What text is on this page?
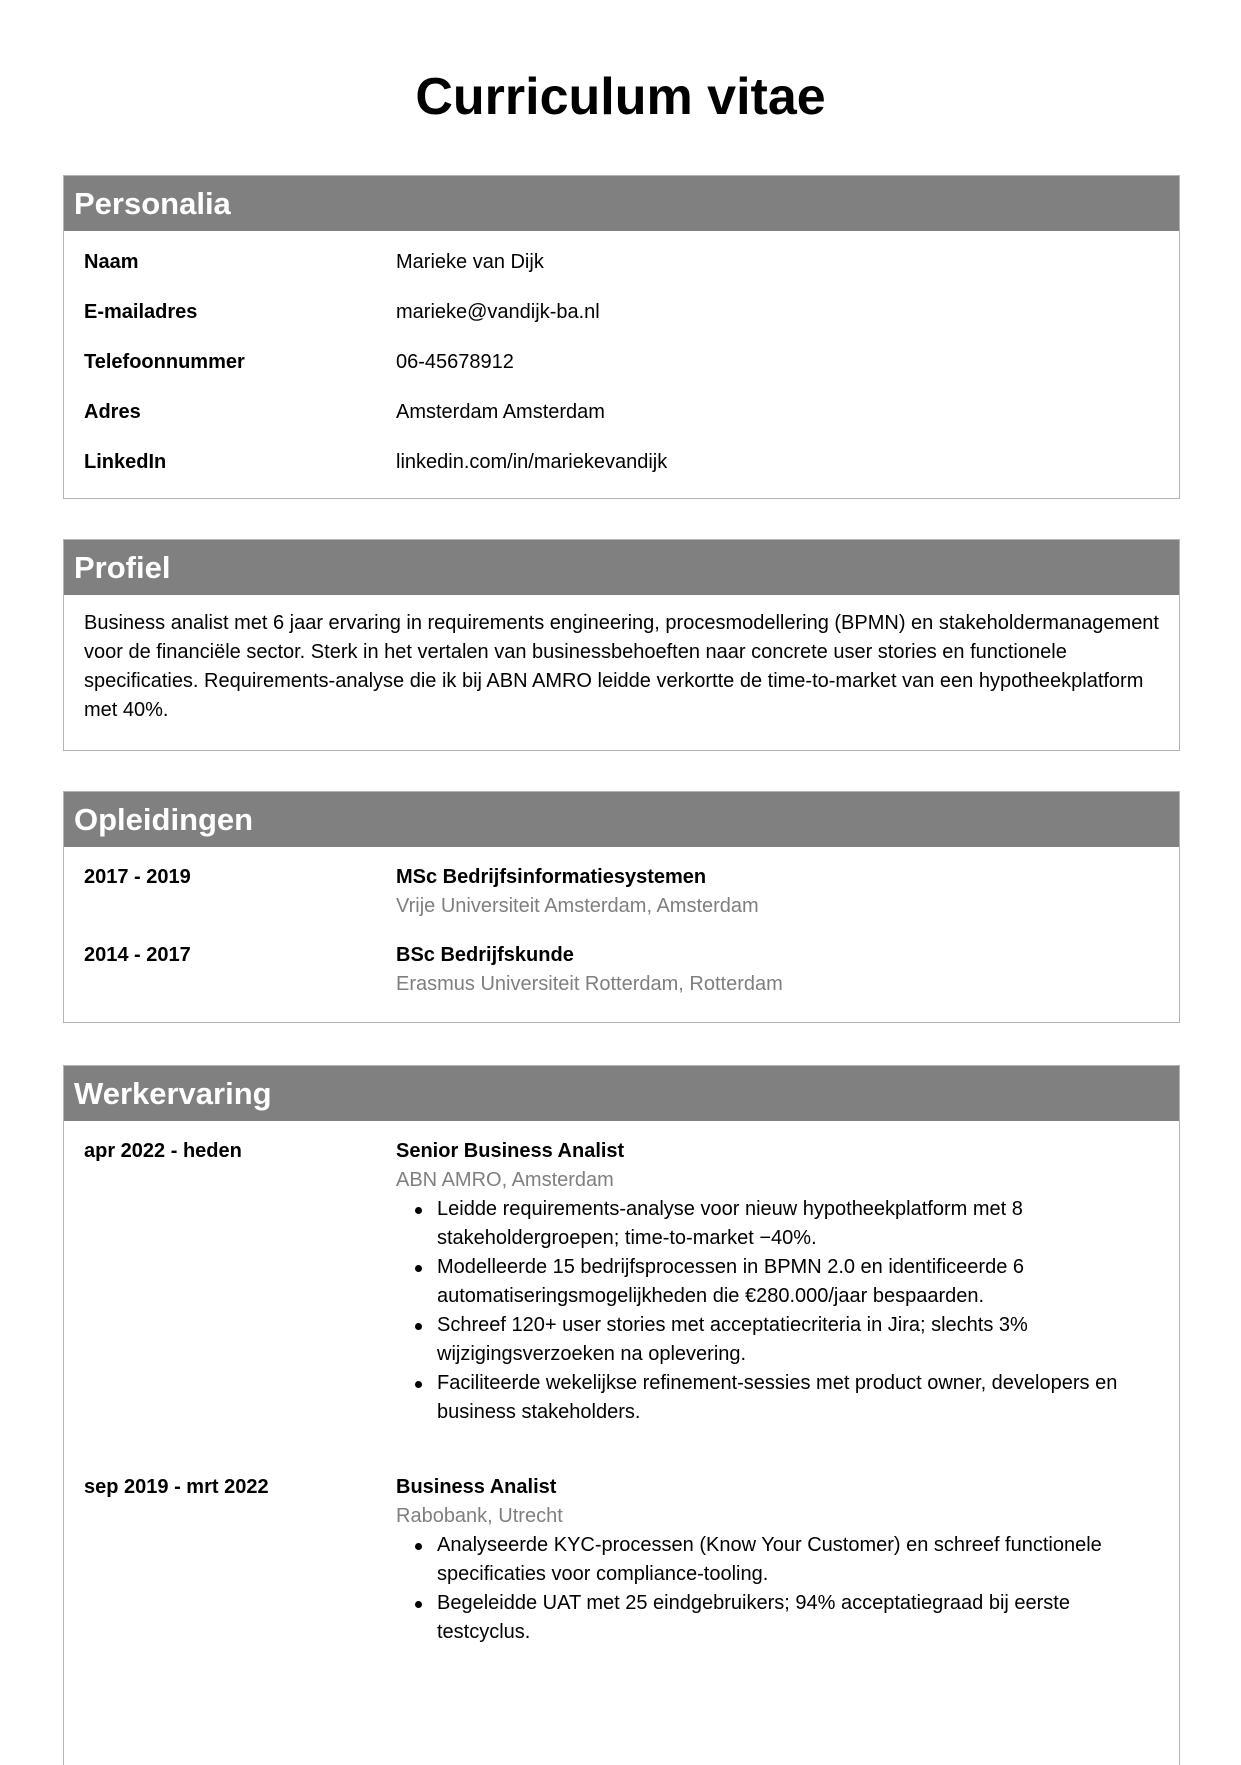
Curriculum vitae
Personalia
Naam	Marieke van Dijk
E-mailadres	marieke@vandijk-ba.nl
Telefoonnummer	06-45678912
Adres	Amsterdam Amsterdam
LinkedIn	linkedin.com/in/mariekevandijk
Profiel
Business analist met 6 jaar ervaring in requirements engineering, procesmodellering (BPMN) en stakeholdermanagement voor de financiële sector. Sterk in het vertalen van businessbehoeften naar concrete user stories en functionele specificaties. Requirements-analyse die ik bij ABN AMRO leidde verkortte de time-to-market van een hypotheekplatform met 40%.
Opleidingen
2017 - 2019	MSc Bedrijfsinformatiesystemen
Vrije Universiteit Amsterdam, Amsterdam
2014 - 2017	BSc Bedrijfskunde
Erasmus Universiteit Rotterdam, Rotterdam
Werkervaring
apr 2022 - heden	Senior Business Analist
ABN AMRO, Amsterdam
Leidde requirements-analyse voor nieuw hypotheekplatform met 8 stakeholdergroepen; time-to-market −40%.
Modelleerde 15 bedrijfsprocessen in BPMN 2.0 en identificeerde 6 automatiseringsmogelijkheden die €280.000/jaar bespaarden.
Schreef 120+ user stories met acceptatiecriteria in Jira; slechts 3% wijzigingsverzoeken na oplevering.
Faciliteerde wekelijkse refinement-sessies met product owner, developers en business stakeholders.
sep 2019 - mrt 2022	Business Analist
Rabobank, Utrecht
Analyseerde KYC-processen (Know Your Customer) en schreef functionele specificaties voor compliance-tooling.
Begeleidde UAT met 25 eindgebruikers; 94% acceptatiegraad bij eerste testcyclus.
